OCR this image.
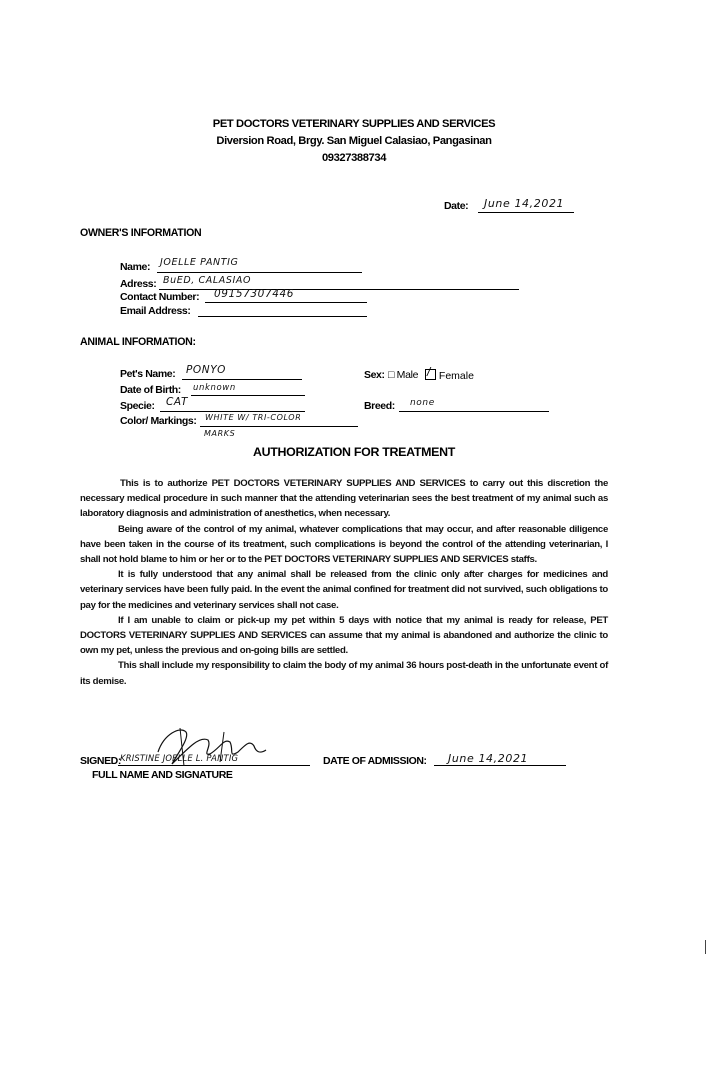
PET DOCTORS VETERINARY SUPPLIES AND SERVICES
Diversion Road, Brgy. San Miguel Calasiao, Pangasinan
09327388734
Date: June 14,2021
OWNER'S INFORMATION
Name: JOELLE PANTIG
Adress: BuED, CALASIAO
Contact Number: 09157307446
Email Address:
ANIMAL INFORMATION:
Pet's Name: PONYO
Date of Birth: unknown
Specie: CAT
Color/ Markings: WHITE W/ TRI-COLOR
MARKS
Sex: □ Male / Female
Breed: none
AUTHORIZATION FOR TREATMENT

This is to authorize PET DOCTORS VETERINARY SUPPLIES AND SERVICES to carry out this discretion the necessary medical procedure in such manner that the attending veterinarian sees the best treatment of my animal such as laboratory diagnosis and administration of anesthetics, when necessary.

Being aware of the control of my animal, whatever complications that may occur, and after reasonable diligence have been taken in the course of its treatment, such complications is beyond the control of the attending veterinarian, I shall not hold blame to him or her or to the PET DOCTORS VETERINARY SUPPLIES AND SERVICES staffs.

It is fully understood that any animal shall be released from the clinic only after charges for medicines and veterinary services have been fully paid. In the event the animal confined for treatment did not survived, such obligations to pay for the medicines and veterinary services shall not case.

If I am unable to claim or pick-up my pet within 5 days with notice that my animal is ready for release, PET DOCTORS VETERINARY SUPPLIES AND SERVICES can assume that my animal is abandoned and authorize the clinic to own my pet, unless the previous and on-going bills are settled.

This shall include my responsibility to claim the body of my animal 36 hours post-death in the unfortunate event of its demise.

SIGNED: KRISTINE JOELLE L. PANTIG
FULL NAME AND SIGNATURE
DATE OF ADMISSION: June 14,2021
